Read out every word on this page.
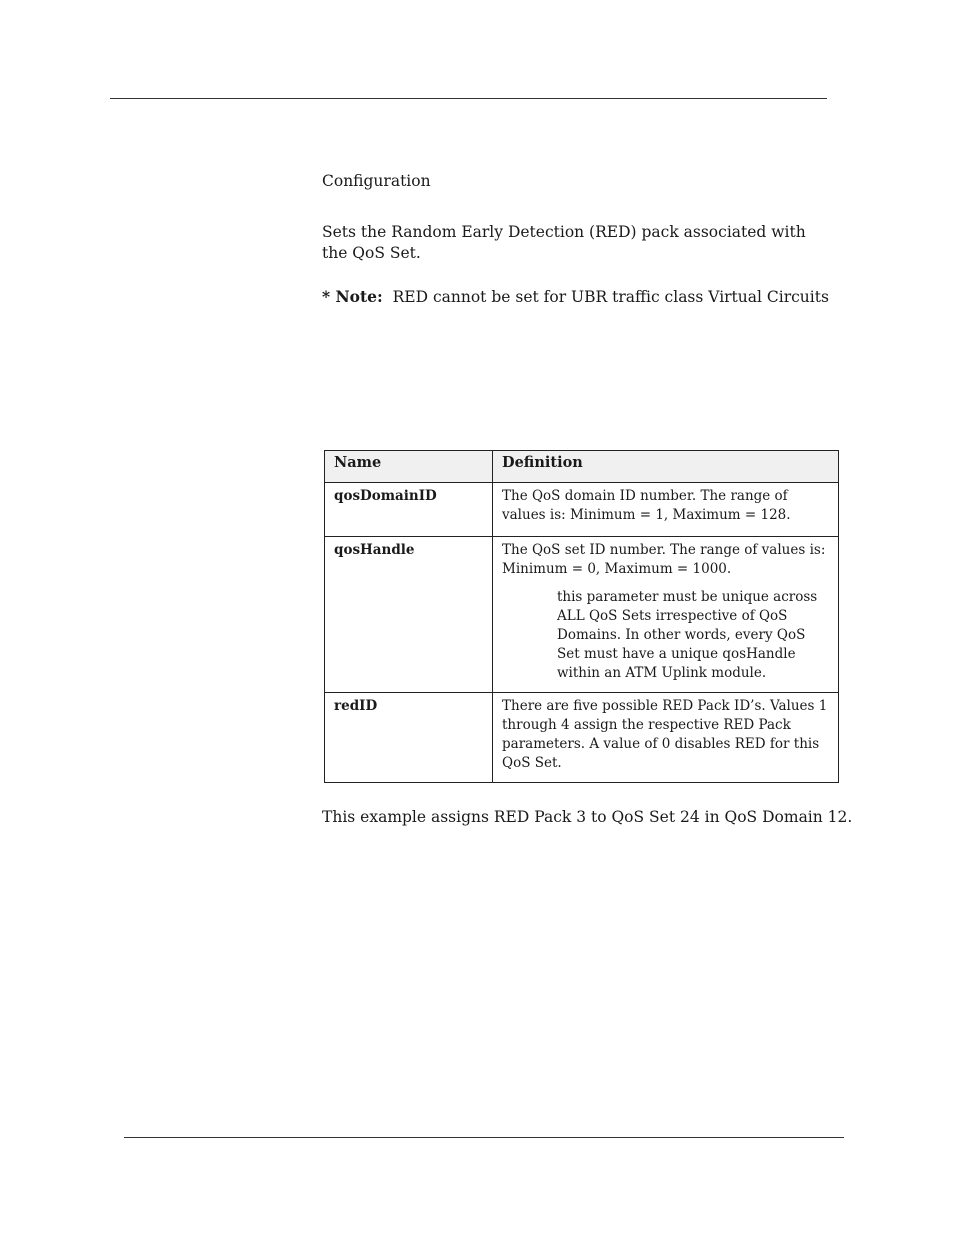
Configuration

Sets the Random Early Detection (RED) pack associated with the QoS Set.

* Note: RED cannot be set for UBR traffic class Virtual Circuits

Name	Definition
qosDomainID	The QoS domain ID number. The range of values is: Minimum = 1, Maximum = 128.

qosHandle	The QoS set ID number. The range of values is: Minimum = 0, Maximum = 1000.

this parameter must be unique across ALL QoS Sets irrespective of QoS Domains. In other words, every QoS Set must have a unique qosHandle within an ATM Uplink module.

redID	There are five possible RED Pack ID’s. Values 1 through 4 assign the respective RED Pack parameters. A value of 0 disables RED for this QoS Set.

This example assigns RED Pack 3 to QoS Set 24 in QoS Domain 12.
